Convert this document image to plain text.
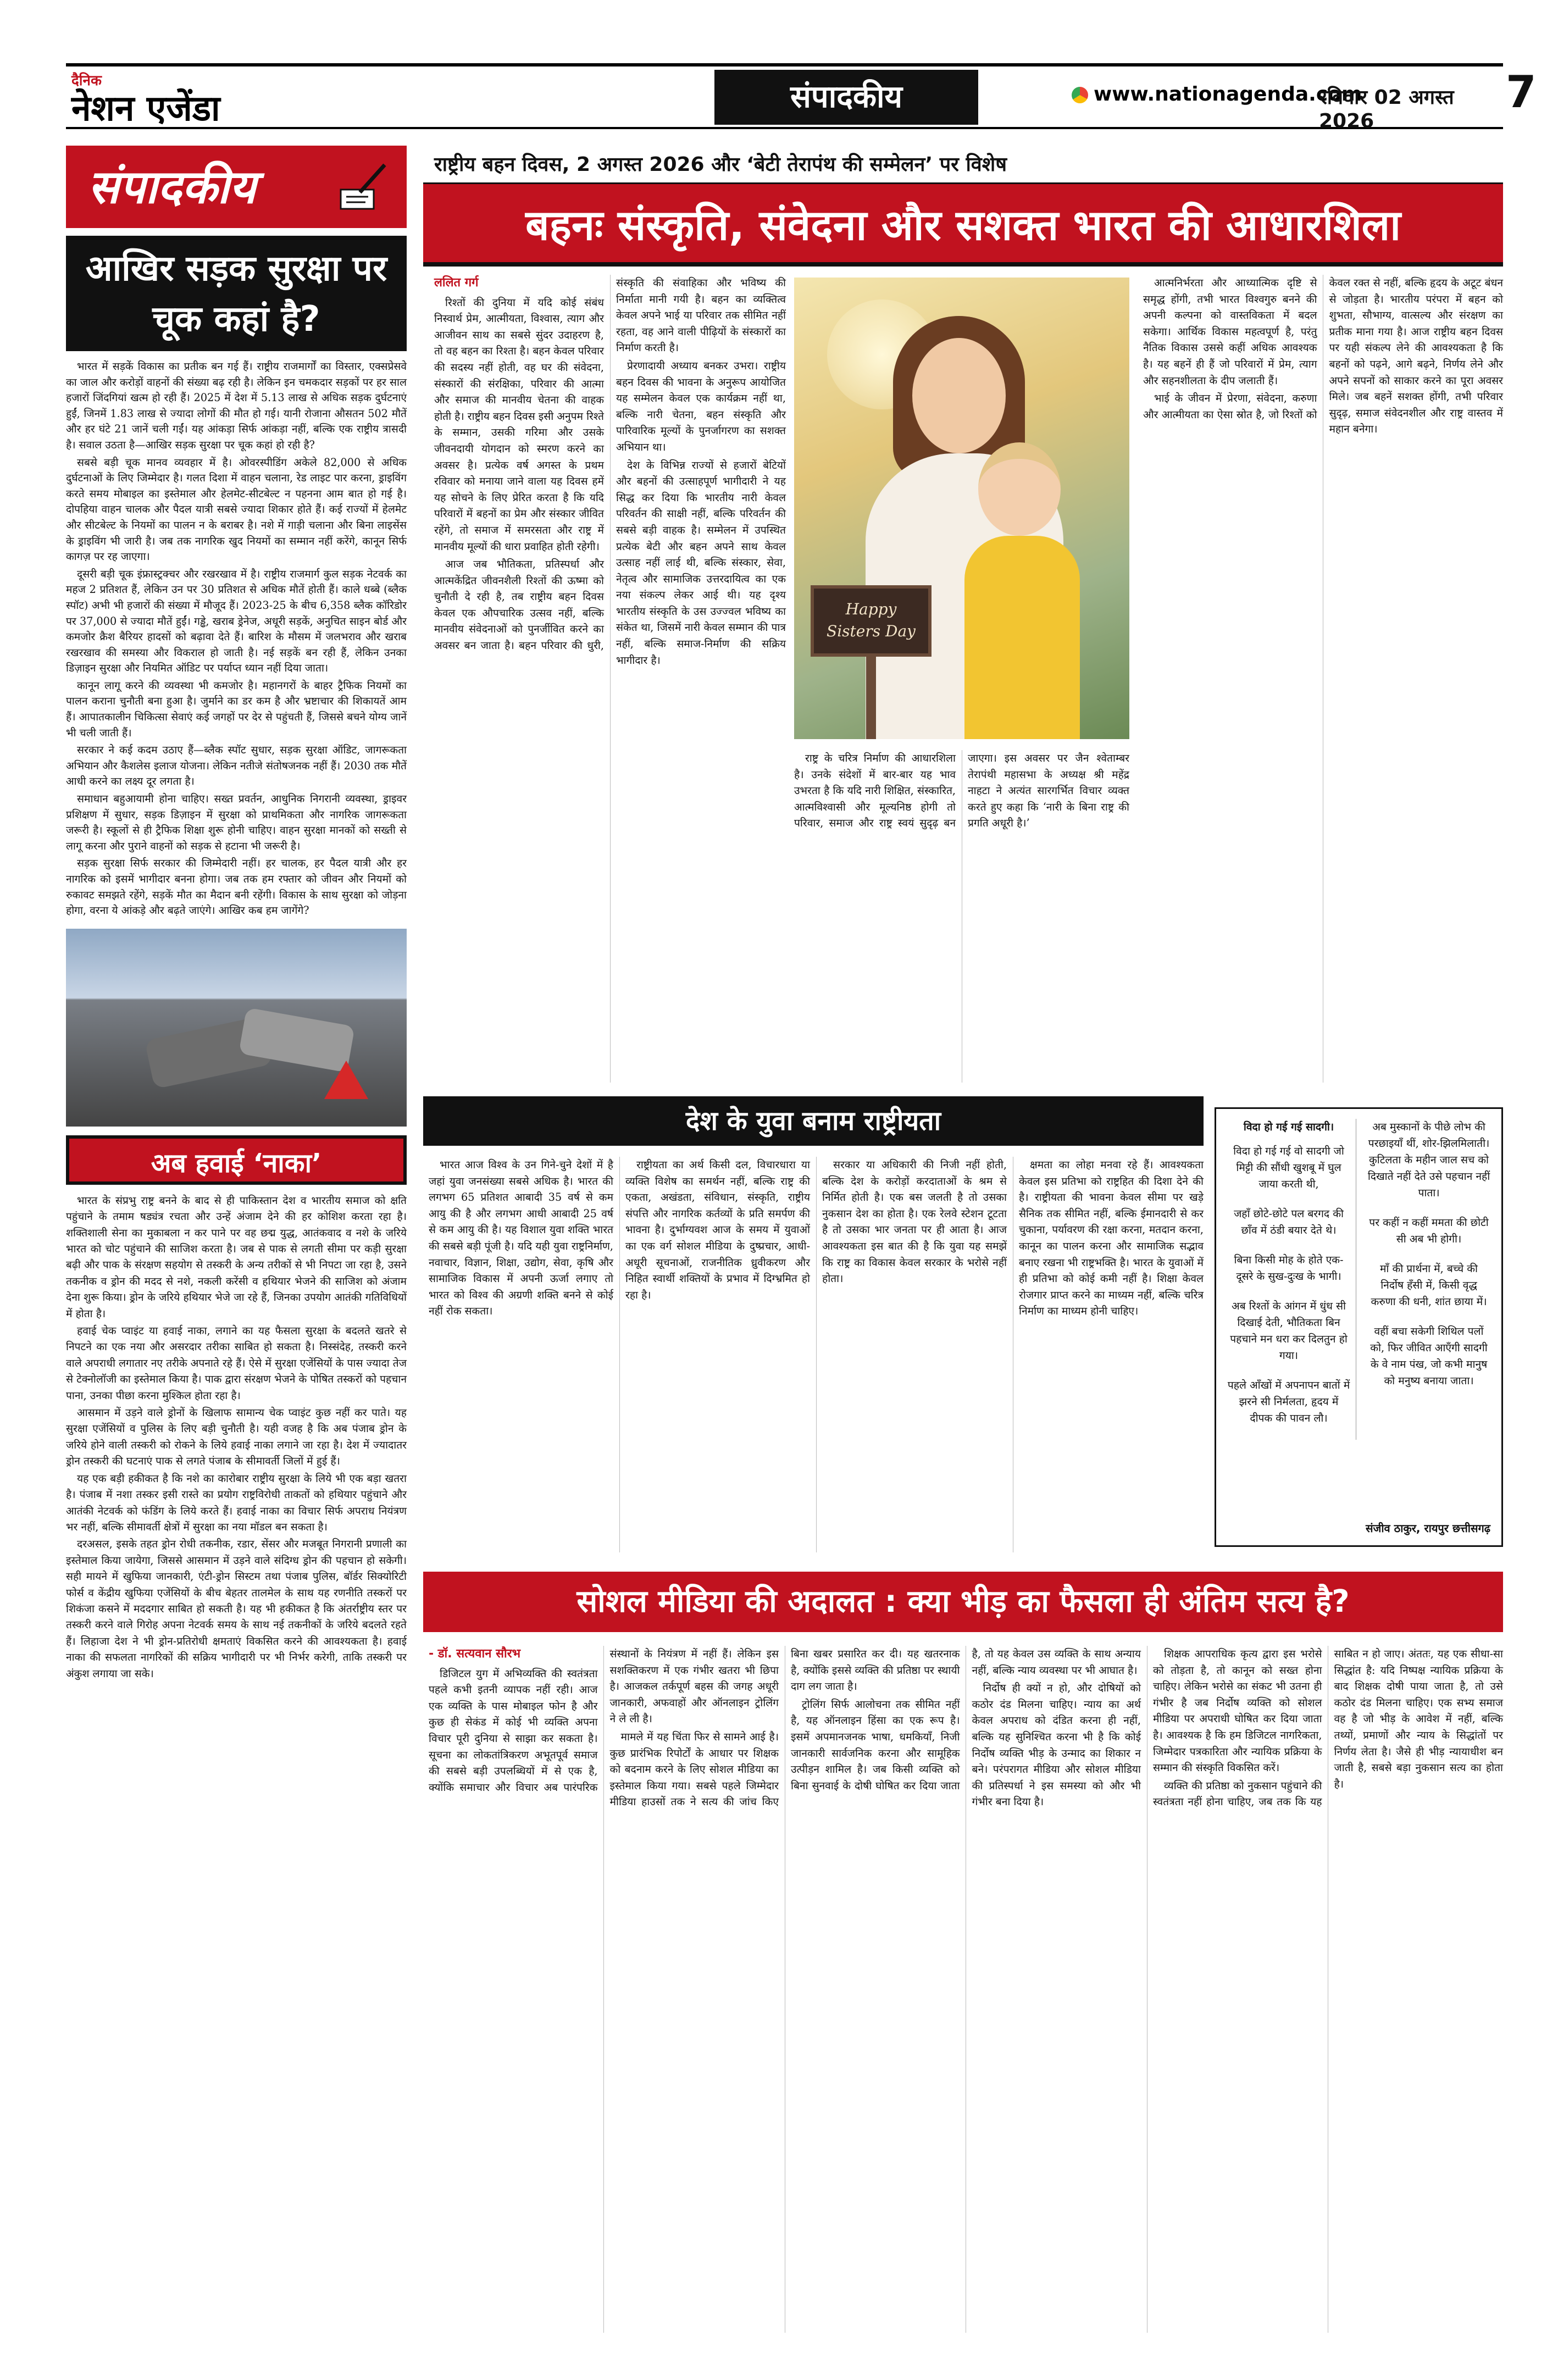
दैनिक
नेशन एजेंडा	संपादकीय	www.nationagenda.com
रविवार 02 अगस्त 2026
7
संपादकीय
आखिर सड़क सुरक्षा पर चूक कहां है?

भारत में सड़कें विकास का प्रतीक बन गई हैं। राष्ट्रीय राजमार्गों का विस्तार, एक्सप्रेसवे का जाल और करोड़ों वाहनों की संख्या बढ़ रही है। लेकिन इन चमकदार सड़कों पर हर साल हजारों जिंदगियां खत्म हो रही हैं। 2025 में देश में 5.13 लाख से अधिक सड़क दुर्घटनाएं हुईं, जिनमें 1.83 लाख से ज्यादा लोगों की मौत हो गई। यानी रोजाना औसतन 502 मौतें और हर घंटे 21 जानें चली गईं। यह आंकड़ा सिर्फ आंकड़ा नहीं, बल्कि एक राष्ट्रीय त्रासदी है। सवाल उठता है—आखिर सड़क सुरक्षा पर चूक कहां हो रही है?

सबसे बड़ी चूक मानव व्यवहार में है। ओवरस्पीडिंग अकेले 82,000 से अधिक दुर्घटनाओं के लिए जिम्मेदार है। गलत दिशा में वाहन चलाना, रेड लाइट पार करना, ड्राइविंग करते समय मोबाइल का इस्तेमाल और हेलमेट-सीटबेल्ट न पहनना आम बात हो गई है। दोपहिया वाहन चालक और पैदल यात्री सबसे ज्यादा शिकार होते हैं। कई राज्यों में हेलमेट और सीटबेल्ट के नियमों का पालन न के बराबर है। नशे में गाड़ी चलाना और बिना लाइसेंस के ड्राइविंग भी जारी है। जब तक नागरिक खुद नियमों का सम्मान नहीं करेंगे, कानून सिर्फ कागज़ पर रह जाएगा।

दूसरी बड़ी चूक इंफ्रास्ट्रक्चर और रखरखाव में है। राष्ट्रीय राजमार्ग कुल सड़क नेटवर्क का महज 2 प्रतिशत हैं, लेकिन उन पर 30 प्रतिशत से अधिक मौतें होती हैं। काले धब्बे (ब्लैक स्पॉट) अभी भी हजारों की संख्या में मौजूद हैं। 2023-25 के बीच 6,358 ब्लैक कॉरिडोर पर 37,000 से ज्यादा मौतें हुईं। गड्ढे, खराब ड्रेनेज, अधूरी सड़कें, अनुचित साइन बोर्ड और कमजोर क्रैश बैरियर हादसों को बढ़ावा देते हैं। बारिश के मौसम में जलभराव और खराब रखरखाव की समस्या और विकराल हो जाती है। नई सड़कें बन रही हैं, लेकिन उनका डिज़ाइन सुरक्षा और नियमित ऑडिट पर पर्याप्त ध्यान नहीं दिया जाता।

कानून लागू करने की व्यवस्था भी कमजोर है। महानगरों के बाहर ट्रैफिक नियमों का पालन कराना चुनौती बना हुआ है। जुर्माने का डर कम है और भ्रष्टाचार की शिकायतें आम हैं। आपातकालीन चिकित्सा सेवाएं कई जगहों पर देर से पहुंचती हैं, जिससे बचने योग्य जानें भी चली जाती हैं।

सरकार ने कई कदम उठाए हैं—ब्लैक स्पॉट सुधार, सड़क सुरक्षा ऑडिट, जागरूकता अभियान और कैशलेस इलाज योजना। लेकिन नतीजे संतोषजनक नहीं हैं। 2030 तक मौतें आधी करने का लक्ष्य दूर लगता है।

समाधान बहुआयामी होना चाहिए। सख्त प्रवर्तन, आधुनिक निगरानी व्यवस्था, ड्राइवर प्रशिक्षण में सुधार, सड़क डिज़ाइन में सुरक्षा को प्राथमिकता और नागरिक जागरूकता जरूरी है। स्कूलों से ही ट्रैफिक शिक्षा शुरू होनी चाहिए। वाहन सुरक्षा मानकों को सख्ती से लागू करना और पुराने वाहनों को सड़क से हटाना भी जरूरी है।

सड़क सुरक्षा सिर्फ सरकार की जिम्मेदारी नहीं। हर चालक, हर पैदल यात्री और हर नागरिक को इसमें भागीदार बनना होगा। जब तक हम रफ्तार को जीवन और नियमों को रुकावट समझते रहेंगे, सड़कें मौत का मैदान बनी रहेंगी। विकास के साथ सुरक्षा को जोड़ना होगा, वरना ये आंकड़े और बढ़ते जाएंगे। आखिर कब हम जागेंगे?

अब हवाई ‘नाका’

भारत के संप्रभु राष्ट्र बनने के बाद से ही पाकिस्तान देश व भारतीय समाज को क्षति पहुंचाने के तमाम षड्यंत्र रचता और उन्हें अंजाम देने की हर कोशिश करता रहा है। शक्तिशाली सेना का मुकाबला न कर पाने पर वह छद्म युद्ध, आतंकवाद व नशे के जरिये भारत को चोट पहुंचाने की साजिश करता है। जब से पाक से लगती सीमा पर कड़ी सुरक्षा बढ़ी और पाक के संरक्षण सहयोग से तस्करी के अन्य तरीकों से भी निपटा जा रहा है, उसने तकनीक व ड्रोन की मदद से नशे, नकली करेंसी व हथियार भेजने की साजिश को अंजाम देना शुरू किया। ड्रोन के जरिये हथियार भेजे जा रहे हैं, जिनका उपयोग आतंकी गतिविधियों में होता है।

हवाई चेक प्वाइंट या हवाई नाका, लगाने का यह फैसला सुरक्षा के बदलते खतरे से निपटने का एक नया और असरदार तरीका साबित हो सकता है। निस्संदेह, तस्करी करने वाले अपराधी लगातार नए तरीके अपनाते रहे हैं। ऐसे में सुरक्षा एजेंसियों के पास ज्यादा तेज से टेक्नोलॉजी का इस्तेमाल किया है। पाक द्वारा संरक्षण भेजने के पोषित तस्करों को पहचान पाना, उनका पीछा करना मुश्किल होता रहा है।

आसमान में उड़ने वाले ड्रोनों के खिलाफ सामान्य चेक प्वाइंट कुछ नहीं कर पाते। यह सुरक्षा एजेंसियों व पुलिस के लिए बड़ी चुनौती है। यही वजह है कि अब पंजाब ड्रोन के जरिये होने वाली तस्करी को रोकने के लिये हवाई नाका लगाने जा रहा है। देश में ज्यादातर ड्रोन तस्करी की घटनाएं पाक से लगते पंजाब के सीमावर्ती जिलों में हुई हैं।

यह एक बड़ी हकीकत है कि नशे का कारोबार राष्ट्रीय सुरक्षा के लिये भी एक बड़ा खतरा है। पंजाब में नशा तस्कर इसी रास्ते का प्रयोग राष्ट्रविरोधी ताकतों को हथियार पहुंचाने और आतंकी नेटवर्क को फंडिंग के लिये करते हैं। हवाई नाका का विचार सिर्फ अपराध नियंत्रण भर नहीं, बल्कि सीमावर्ती क्षेत्रों में सुरक्षा का नया मॉडल बन सकता है।

दरअसल, इसके तहत ड्रोन रोधी तकनीक, रडार, सेंसर और मजबूत निगरानी प्रणाली का इस्तेमाल किया जायेगा, जिससे आसमान में उड़ने वाले संदिग्ध ड्रोन की पहचान हो सकेगी। सही मायने में खुफिया जानकारी, एंटी-ड्रोन सिस्टम तथा पंजाब पुलिस, बॉर्डर सिक्योरिटी फोर्स व केंद्रीय खुफिया एजेंसियों के बीच बेहतर तालमेल के साथ यह रणनीति तस्करों पर शिकंजा कसने में मददगार साबित हो सकती है। यह भी हकीकत है कि अंतर्राष्ट्रीय स्तर पर तस्करी करने वाले गिरोह अपना नेटवर्क समय के साथ नई तकनीकों के जरिये बदलते रहते हैं। लिहाजा देश ने भी ड्रोन-प्रतिरोधी क्षमताएं विकसित करने की आवश्यकता है। हवाई नाका की सफलता नागरिकों की सक्रिय भागीदारी पर भी निर्भर करेगी, ताकि तस्करी पर अंकुश लगाया जा सके।

राष्ट्रीय बहन दिवस, 2 अगस्त 2026 और ‘बेटी तेरापंथ की सम्मेलन’ पर विशेष
बहनः संस्कृति, संवेदना और सशक्त भारत की आधारशिला
ललित गर्ग

रिश्तों की दुनिया में यदि कोई संबंध निस्वार्थ प्रेम, आत्मीयता, विश्वास, त्याग और आजीवन साथ का सबसे सुंदर उदाहरण है, तो वह बहन का रिश्ता है। बहन केवल परिवार की सदस्य नहीं होती, वह घर की संवेदना, संस्कारों की संरक्षिका, परिवार की आत्मा और समाज की मानवीय चेतना की वाहक होती है। राष्ट्रीय बहन दिवस इसी अनुपम रिश्ते के सम्मान, उसकी गरिमा और उसके जीवनदायी योगदान को स्मरण करने का अवसर है। प्रत्येक वर्ष अगस्त के प्रथम रविवार को मनाया जाने वाला यह दिवस हमें यह सोचने के लिए प्रेरित करता है कि यदि परिवारों में बहनों का प्रेम और संस्कार जीवित रहेंगे, तो समाज में समरसता और राष्ट्र में मानवीय मूल्यों की धारा प्रवाहित होती रहेगी।

आज जब भौतिकता, प्रतिस्पर्धा और आत्मकेंद्रित जीवनशैली रिश्तों की ऊष्मा को चुनौती दे रही है, तब राष्ट्रीय बहन दिवस केवल एक औपचारिक उत्सव नहीं, बल्कि मानवीय संवेदनाओं को पुनर्जीवित करने का अवसर बन जाता है। बहन परिवार की धुरी, संस्कृति की संवाहिका और भविष्य की निर्माता मानी गयी है। बहन का व्यक्तित्व केवल अपने भाई या परिवार तक सीमित नहीं रहता, वह आने वाली पीढ़ियों के संस्कारों का निर्माण करती है।

प्रेरणादायी अध्याय बनकर उभरा। राष्ट्रीय बहन दिवस की भावना के अनुरूप आयोजित यह सम्मेलन केवल एक कार्यक्रम नहीं था, बल्कि नारी चेतना, बहन संस्कृति और पारिवारिक मूल्यों के पुनर्जागरण का सशक्त अभियान था।

देश के विभिन्न राज्यों से हजारों बेटियों और बहनों की उत्साहपूर्ण भागीदारी ने यह सिद्ध कर दिया कि भारतीय नारी केवल परिवर्तन की साक्षी नहीं, बल्कि परिवर्तन की सबसे बड़ी वाहक है। सम्मेलन में उपस्थित प्रत्येक बेटी और बहन अपने साथ केवल उत्साह नहीं लाई थी, बल्कि संस्कार, सेवा, नेतृत्व और सामाजिक उत्तरदायित्व का एक नया संकल्प लेकर आई थी। यह दृश्य भारतीय संस्कृति के उस उज्ज्वल भविष्य का संकेत था, जिसमें नारी केवल सम्मान की पात्र नहीं, बल्कि समाज-निर्माण की सक्रिय भागीदार है।

Happy
Sisters Day

राष्ट्र के चरित्र निर्माण की आधारशिला है। उनके संदेशों में बार-बार यह भाव उभरता है कि यदि नारी शिक्षित, संस्कारित, आत्मविश्वासी और मूल्यनिष्ठ होगी तो परिवार, समाज और राष्ट्र स्वयं सुदृढ़ बन जाएगा। इस अवसर पर जैन श्वेताम्बर तेरापंथी महासभा के अध्यक्ष श्री महेंद्र नाहटा ने अत्यंत सारगर्भित विचार व्यक्त करते हुए कहा कि ‘नारी के बिना राष्ट्र की प्रगति अधूरी है।’

आत्मनिर्भरता और आध्यात्मिक दृष्टि से समृद्ध होंगी, तभी भारत विश्वगुरु बनने की अपनी कल्पना को वास्तविकता में बदल सकेगा। आर्थिक विकास महत्वपूर्ण है, परंतु नैतिक विकास उससे कहीं अधिक आवश्यक है। यह बहनें ही हैं जो परिवारों में प्रेम, त्याग और सहनशीलता के दीप जलाती हैं।

भाई के जीवन में प्रेरणा, संवेदना, करुणा और आत्मीयता का ऐसा स्रोत है, जो रिश्तों को केवल रक्त से नहीं, बल्कि हृदय के अटूट बंधन से जोड़ता है। भारतीय परंपरा में बहन को शुभता, सौभाग्य, वात्सल्य और संरक्षण का प्रतीक माना गया है। आज राष्ट्रीय बहन दिवस पर यही संकल्प लेने की आवश्यकता है कि बहनों को पढ़ने, आगे बढ़ने, निर्णय लेने और अपने सपनों को साकार करने का पूरा अवसर मिले। जब बहनें सशक्त होंगी, तभी परिवार सुदृढ़, समाज संवेदनशील और राष्ट्र वास्तव में महान बनेगा।

देश के युवा बनाम राष्ट्रीयता

भारत आज विश्व के उन गिने-चुने देशों में है जहां युवा जनसंख्या सबसे अधिक है। भारत की लगभग 65 प्रतिशत आबादी 35 वर्ष से कम आयु की है और लगभग आधी आबादी 25 वर्ष से कम आयु की है। यह विशाल युवा शक्ति भारत की सबसे बड़ी पूंजी है। यदि यही युवा राष्ट्रनिर्माण, नवाचार, विज्ञान, शिक्षा, उद्योग, सेवा, कृषि और सामाजिक विकास में अपनी ऊर्जा लगाए तो भारत को विश्व की अग्रणी शक्ति बनने से कोई नहीं रोक सकता।

राष्ट्रीयता का अर्थ किसी दल, विचारधारा या व्यक्ति विशेष का समर्थन नहीं, बल्कि राष्ट्र की एकता, अखंडता, संविधान, संस्कृति, राष्ट्रीय संपत्ति और नागरिक कर्तव्यों के प्रति समर्पण की भावना है। दुर्भाग्यवश आज के समय में युवाओं का एक वर्ग सोशल मीडिया के दुष्प्रचार, आधी-अधूरी सूचनाओं, राजनीतिक ध्रुवीकरण और निहित स्वार्थी शक्तियों के प्रभाव में दिग्भ्रमित हो रहा है।

सरकार या अधिकारी की निजी नहीं होती, बल्कि देश के करोड़ों करदाताओं के श्रम से निर्मित होती है। एक बस जलती है तो उसका नुकसान देश का होता है। एक रेलवे स्टेशन टूटता है तो उसका भार जनता पर ही आता है। आज आवश्यकता इस बात की है कि युवा यह समझें कि राष्ट्र का विकास केवल सरकार के भरोसे नहीं होता।

क्षमता का लोहा मनवा रहे हैं। आवश्यकता केवल इस प्रतिभा को राष्ट्रहित की दिशा देने की है। राष्ट्रीयता की भावना केवल सीमा पर खड़े सैनिक तक सीमित नहीं, बल्कि ईमानदारी से कर चुकाना, पर्यावरण की रक्षा करना, मतदान करना, कानून का पालन करना और सामाजिक सद्भाव बनाए रखना भी राष्ट्रभक्ति है। भारत के युवाओं में ही प्रतिभा को कोई कमी नहीं है। शिक्षा केवल रोजगार प्राप्त करने का माध्यम नहीं, बल्कि चरित्र निर्माण का माध्यम होनी चाहिए।

विदा हो गई गई सादगी।
विदा हो गई गई वो सादगी जो मिट्टी की सौंधी खुशबू में घुल जाया करती थी,
जहाँ छोटे-छोटे पल बरगद की छाँव में ठंडी बयार देते थे।
बिना किसी मोह के होते एक-दूसरे के सुख-दुःख के भागी।
अब रिश्तों के आंगन में धुंध सी दिखाई देती, भौतिकता बिन पहचाने मन धरा कर दिलतुन हो गया।
पहले आँखों में अपनापन बातों में झरने सी निर्मलता, हृदय में दीपक की पावन लौ।
अब मुस्कानों के पीछे लोभ की परछाइयाँ थीं, शोर-झिलमिलाती। कुटिलता के महीन जाल सच को दिखाते नहीं देते उसे पहचान नहीं पाता।
पर कहीं न कहीं ममता की छोटी सी अब भी होगी।
माँ की प्रार्थना में, बच्चे की निर्दोष हँसी में, किसी वृद्ध करुणा की धनी, शांत छाया में।
वहीं बचा सकेगी शिथिल पलों को, फिर जीवित आएँगी सादगी के वे नाम पंख, जो कभी मानुष को मनुष्य बनाया जाता।
संजीव ठाकुर, रायपुर छत्तीसगढ़
सोशल मीडिया की अदालत : क्या भीड़ का फैसला ही अंतिम सत्य है?
- डॉ. सत्यवान सौरभ

डिजिटल युग में अभिव्यक्ति की स्वतंत्रता पहले कभी इतनी व्यापक नहीं रही। आज एक व्यक्ति के पास मोबाइल फोन है और कुछ ही सेकंड में कोई भी व्यक्ति अपना विचार पूरी दुनिया से साझा कर सकता है। सूचना का लोकतांत्रिकरण अभूतपूर्व समाज की सबसे बड़ी उपलब्धियों में से एक है, क्योंकि समाचार और विचार अब पारंपरिक संस्थानों के नियंत्रण में नहीं हैं। लेकिन इस सशक्तिकरण में एक गंभीर खतरा भी छिपा है। आजकल तर्कपूर्ण बहस की जगह अधूरी जानकारी, अफवाहों और ऑनलाइन ट्रोलिंग ने ले ली है।

मामले में यह चिंता फिर से सामने आई है। कुछ प्रारंभिक रिपोर्टों के आधार पर शिक्षक को बदनाम करने के लिए सोशल मीडिया का इस्तेमाल किया गया। सबसे पहले जिम्मेदार मीडिया हाउसों तक ने सत्य की जांच किए बिना खबर प्रसारित कर दी। यह खतरनाक है, क्योंकि इससे व्यक्ति की प्रतिष्ठा पर स्थायी दाग लग जाता है।

ट्रोलिंग सिर्फ आलोचना तक सीमित नहीं है, यह ऑनलाइन हिंसा का एक रूप है। इसमें अपमानजनक भाषा, धमकियाँ, निजी जानकारी सार्वजनिक करना और सामूहिक उत्पीड़न शामिल है। जब किसी व्यक्ति को बिना सुनवाई के दोषी घोषित कर दिया जाता है, तो यह केवल उस व्यक्ति के साथ अन्याय नहीं, बल्कि न्याय व्यवस्था पर भी आघात है।

निर्दोष ही क्यों न हो, और दोषियों को कठोर दंड मिलना चाहिए। न्याय का अर्थ केवल अपराध को दंडित करना ही नहीं, बल्कि यह सुनिश्चित करना भी है कि कोई निर्दोष व्यक्ति भीड़ के उन्माद का शिकार न बने। परंपरागत मीडिया और सोशल मीडिया की प्रतिस्पर्धा ने इस समस्या को और भी गंभीर बना दिया है।

शिक्षक आपराधिक कृत्य द्वारा इस भरोसे को तोड़ता है, तो कानून को सख्त होना चाहिए। लेकिन भरोसे का संकट भी उतना ही गंभीर है जब निर्दोष व्यक्ति को सोशल मीडिया पर अपराधी घोषित कर दिया जाता है। आवश्यक है कि हम डिजिटल नागरिकता, जिम्मेदार पत्रकारिता और न्यायिक प्रक्रिया के सम्मान की संस्कृति विकसित करें।

व्यक्ति की प्रतिष्ठा को नुकसान पहुंचाने की स्वतंत्रता नहीं होना चाहिए, जब तक कि यह साबित न हो जाए। अंततः, यह एक सीधा-सा सिद्धांत है: यदि निष्पक्ष न्यायिक प्रक्रिया के बाद शिक्षक दोषी पाया जाता है, तो उसे कठोर दंड मिलना चाहिए। एक सभ्य समाज वह है जो भीड़ के आवेश में नहीं, बल्कि तथ्यों, प्रमाणों और न्याय के सिद्धांतों पर निर्णय लेता है। जैसे ही भीड़ न्यायाधीश बन जाती है, सबसे बड़ा नुकसान सत्य का होता है।
